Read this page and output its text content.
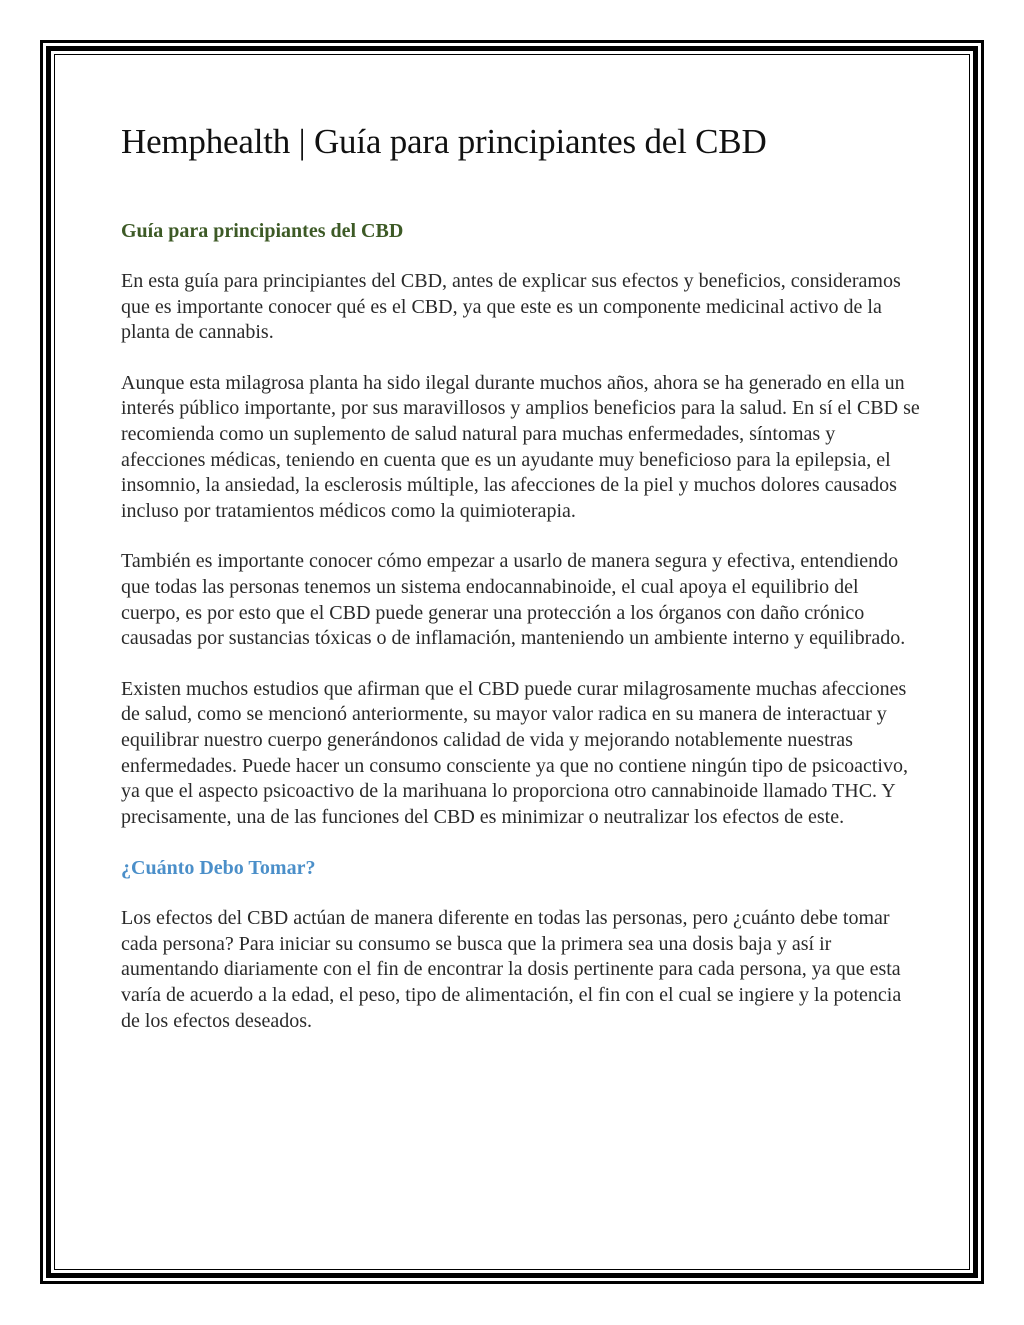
Hemphealth | Guía para principiantes del CBD
Guía para principiantes del CBD

En esta guía para principiantes del CBD, antes de explicar sus efectos y beneficios, consideramos que es importante conocer qué es el CBD, ya que este es un componente medicinal activo de la planta de cannabis.

Aunque esta milagrosa planta ha sido ilegal durante muchos años, ahora se ha generado en ella un interés público importante, por sus maravillosos y amplios beneficios para la salud. En sí el CBD se recomienda como un suplemento de salud natural para muchas enfermedades, síntomas y afecciones médicas, teniendo en cuenta que es un ayudante muy beneficioso para la epilepsia, el insomnio, la ansiedad, la esclerosis múltiple, las afecciones de la piel y muchos dolores causados incluso por tratamientos médicos como la quimioterapia.

También es importante conocer cómo empezar a usarlo de manera segura y efectiva, entendiendo que todas las personas tenemos un sistema endocannabinoide, el cual apoya el equilibrio del cuerpo, es por esto que el CBD puede generar una protección a los órganos con daño crónico causadas por sustancias tóxicas o de inflamación, manteniendo un ambiente interno y equilibrado.

Existen muchos estudios que afirman que el CBD puede curar milagrosamente muchas afecciones de salud, como se mencionó anteriormente, su mayor valor radica en su manera de interactuar y equilibrar nuestro cuerpo generándonos calidad de vida y mejorando notablemente nuestras enfermedades. Puede hacer un consumo consciente ya que no contiene ningún tipo de psicoactivo, ya que el aspecto psicoactivo de la marihuana lo proporciona otro cannabinoide llamado THC. Y precisamente, una de las funciones del CBD es minimizar o neutralizar los efectos de este.

¿Cuánto Debo Tomar?

Los efectos del CBD actúan de manera diferente en todas las personas, pero ¿cuánto debe tomar cada persona? Para iniciar su consumo se busca que la primera sea una dosis baja y así ir aumentando diariamente con el fin de encontrar la dosis pertinente para cada persona, ya que esta varía de acuerdo a la edad, el peso, tipo de alimentación, el fin con el cual se ingiere y la potencia de los efectos deseados.
